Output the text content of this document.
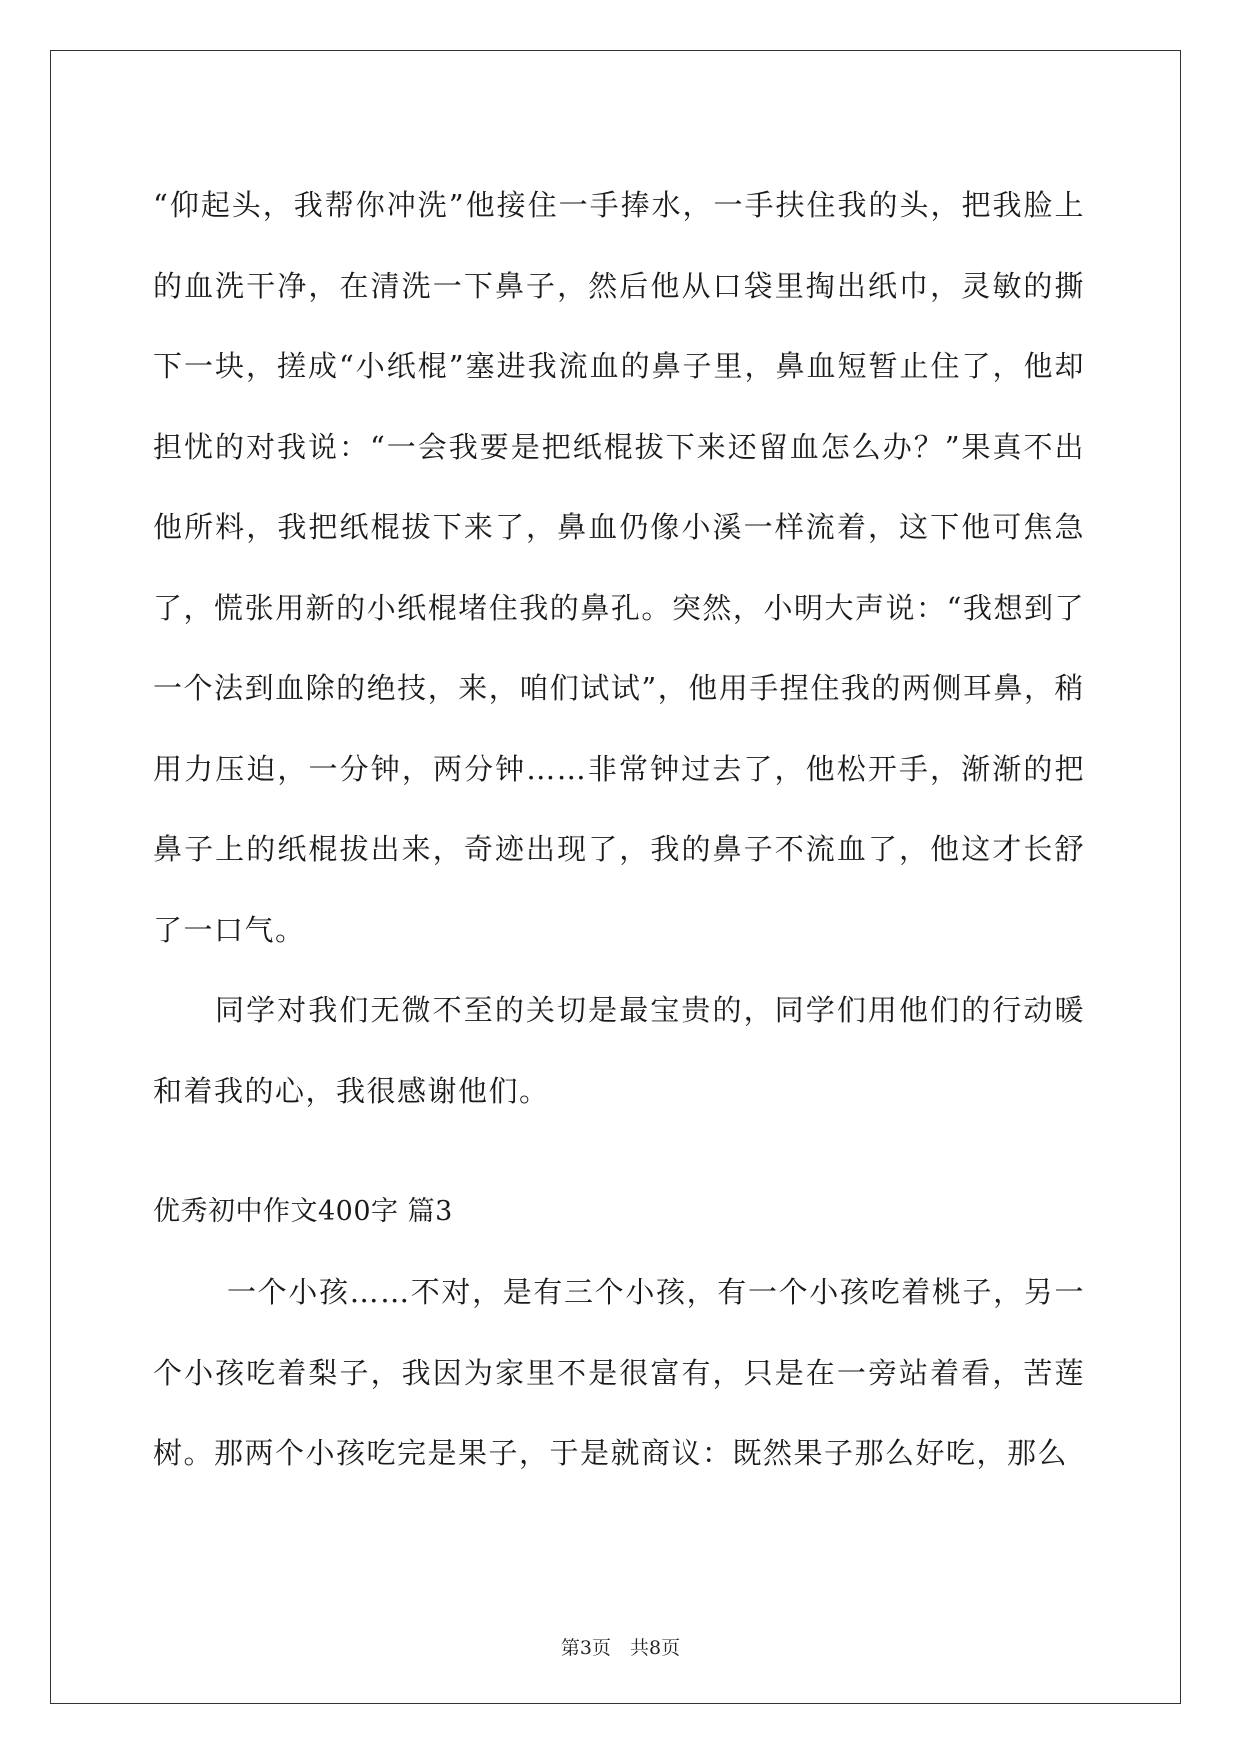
“仰起头，我帮你冲洗”他接住一手捧水，一手扶住我的头，把我脸上的血洗干净，在清洗一下鼻子，然后他从口袋里掏出纸巾，灵敏的撕下一块，搓成“小纸棍”塞进我流血的鼻子里，鼻血短暂止住了，他却担忧的对我说：“一会我要是把纸棍拔下来还留血怎么办？”果真不出他所料，我把纸棍拔下来了，鼻血仍像小溪一样流着，这下他可焦急了，慌张用新的小纸棍堵住我的鼻孔。突然，小明大声说：“我想到了一个法到血除的绝技，来，咱们试试”，他用手捏住我的两侧耳鼻，稍用力压迫，一分钟，两分钟……非常钟过去了，他松开手，渐渐的把鼻子上的纸棍拔出来，奇迹出现了，我的鼻子不流血了，他这才长舒了一口气。

同学对我们无微不至的关切是最宝贵的，同学们用他们的行动暖和着我的心，我很感谢他们。

优秀初中作文400字 篇3

一个小孩……不对，是有三个小孩，有一个小孩吃着桃子，另一个小孩吃着梨子，我因为家里不是很富有，只是在一旁站着看，苦莲树。那两个小孩吃完是果子，于是就商议：既然果子那么好吃，那么

第3页　共8页
